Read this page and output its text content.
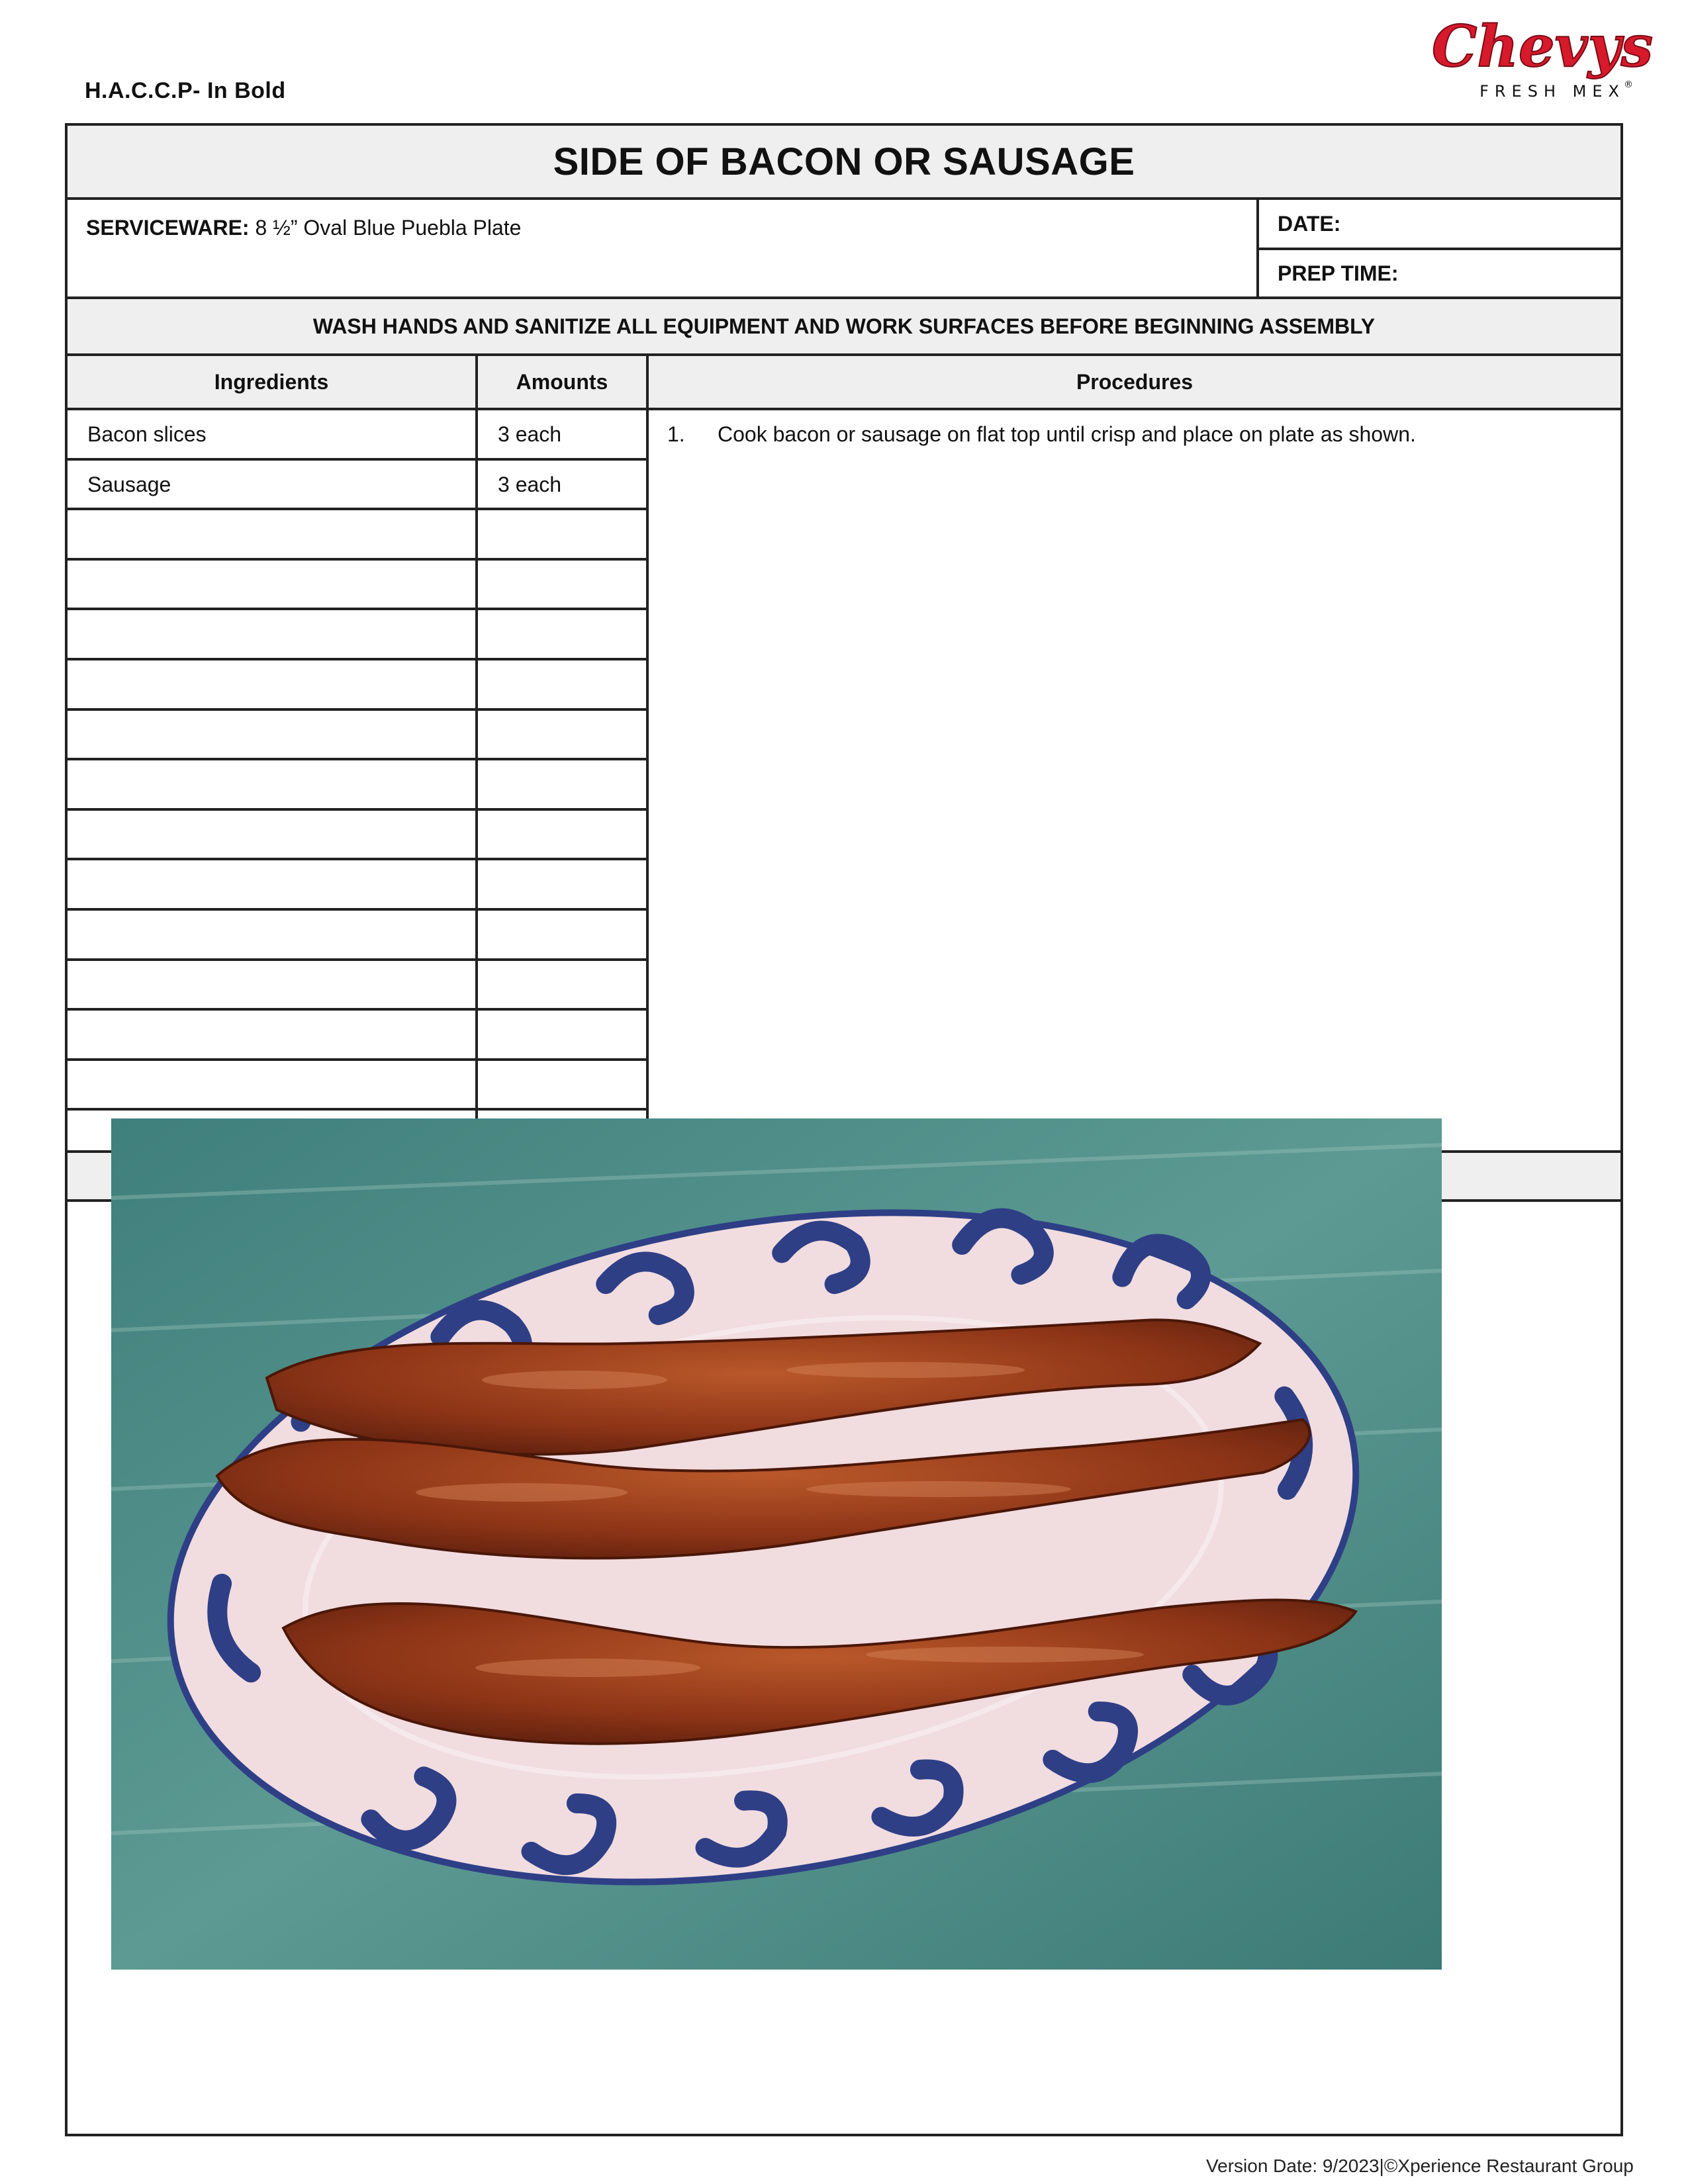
H.A.C.C.P- In Bold
Chevys
FRESH MEX
®
SIDE OF BACON OR SAUSAGE
SERVICEWARE: 8 ½” Oval Blue Puebla Plate	DATE:
PREP TIME:
WASH HANDS AND SANITIZE ALL EQUIPMENT AND WORK SURFACES BEFORE BEGINNING ASSEMBLY
Ingredients	Amounts	Procedures
Bacon slices	3 each
Sausage	3 each
1.	Cook bacon or sausage on flat top until crisp and place on plate as shown.
Version Date: 9/2023|©Xperience Restaurant Group
